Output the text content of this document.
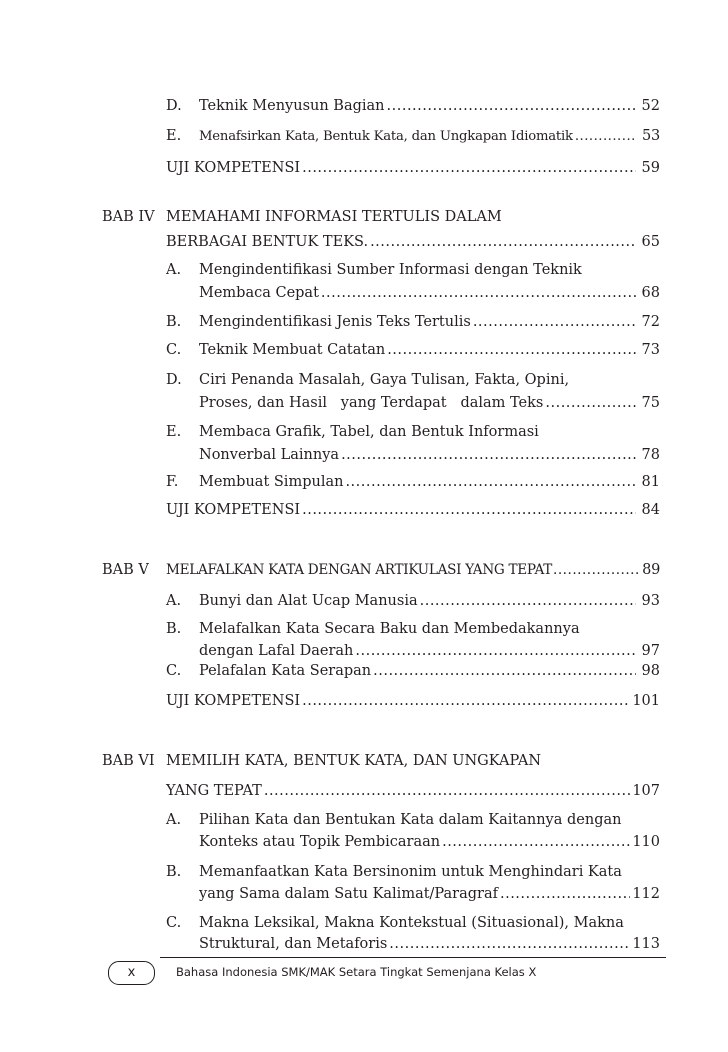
D. Teknik Menyusun Bagian .....	52
E. Menafsirkan Kata, Bentuk Kata, dan Ungkapan Idiomatik .....	53
UJI KOMPETENSI .....	59
BAB IV MEMAHAMI INFORMASI TERTULIS DALAM
BERBAGAI BENTUK TEKS. .....	65
A. Mengindentifikasi Sumber Informasi dengan Teknik
Membaca Cepat .....	68
B. Mengindentifikasi Jenis Teks Tertulis .....	72
C. Teknik Membuat Catatan .....	73
D. Ciri Penanda Masalah, Gaya Tulisan, Fakta, Opini,
Proses, dan Hasil   yang Terdapat   dalam Teks .....	75
E. Membaca Grafik, Tabel, dan Bentuk Informasi
Nonverbal Lainnya .....	78
F. Membuat Simpulan .....	81
UJI KOMPETENSI .....	84
BAB V MELAFALKAN KATA DENGAN ARTIKULASI YANG TEPAT .....	89
A. Bunyi dan Alat Ucap Manusia .....	93
B. Melafalkan Kata Secara Baku dan Membedakannya
dengan Lafal Daerah .....	97
C. Pelafalan Kata Serapan .....	98
UJI KOMPETENSI .....	101
BAB VI MEMILIH KATA, BENTUK KATA, DAN UNGKAPAN
YANG TEPAT .....	107
A. Pilihan Kata dan Bentukan Kata dalam Kaitannya dengan
Konteks atau Topik Pembicaraan .....	110
B. Memanfaatkan Kata Bersinonim untuk Menghindari Kata
yang Sama dalam Satu Kalimat/Paragraf .....	112
C. Makna Leksikal, Makna Kontekstual (Situasional), Makna
Struktural, dan Metaforis .....	113
x	Bahasa Indonesia SMK/MAK Setara Tingkat Semenjana Kelas X
